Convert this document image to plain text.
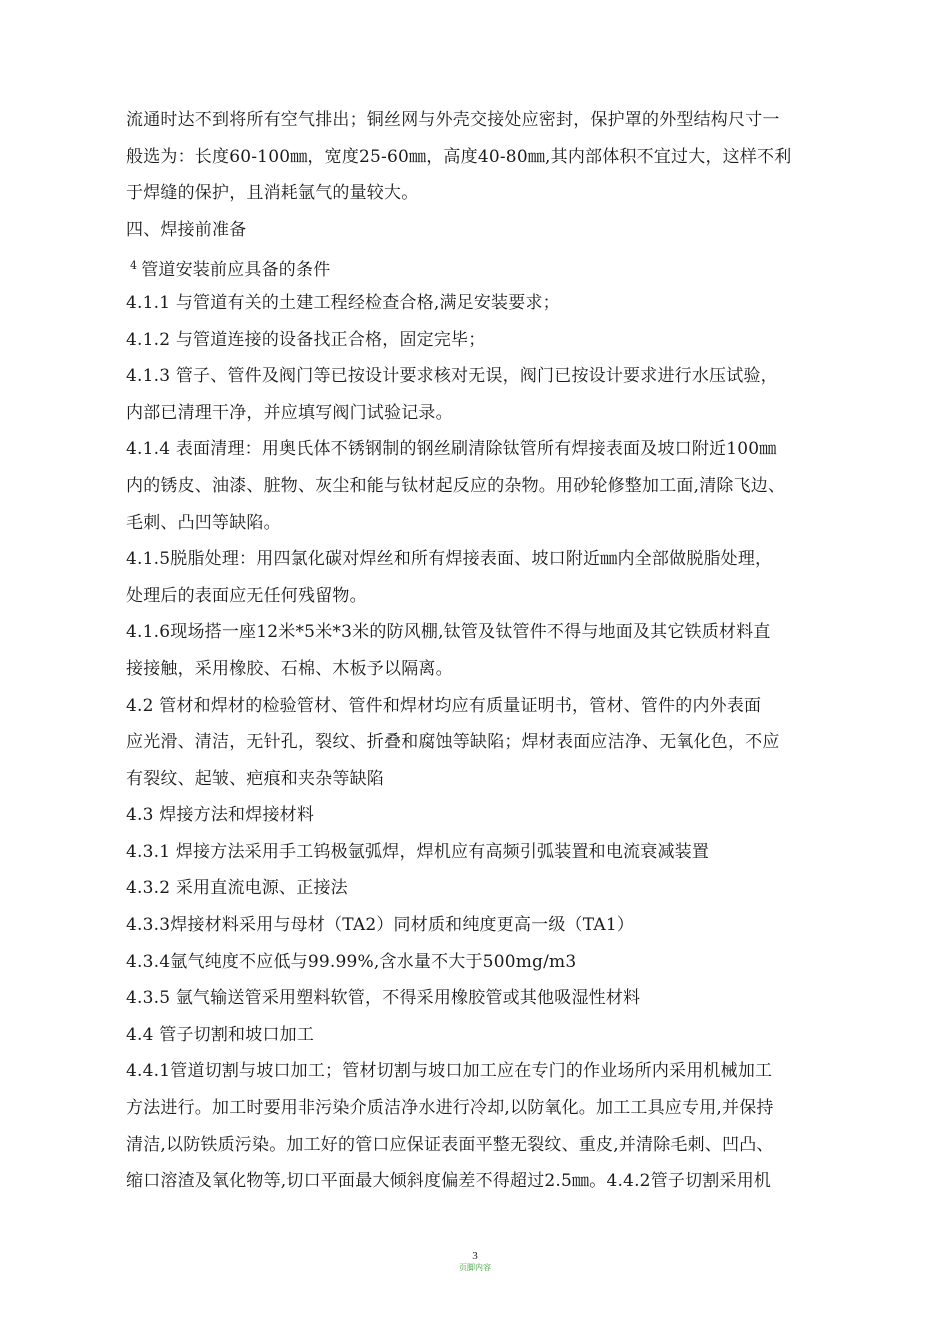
流通时达不到将所有空气排出；铜丝网与外壳交接处应密封，保护罩的外型结构尺寸一
般选为：长度60-100㎜，宽度25-60㎜，高度40-80㎜,其内部体积不宜过大，这样不利
于焊缝的保护，且消耗氩气的量较大。
四、焊接前准备
$^4$ 管道安装前应具备的条件
4.1.1 与管道有关的土建工程经检查合格,满足安装要求；
4.1.2 与管道连接的设备找正合格，固定完毕；
4.1.3 管子、管件及阀门等已按设计要求核对无误，阀门已按设计要求进行水压试验，
内部已清理干净，并应填写阀门试验记录。
4.1.4 表面清理：用奥氏体不锈钢制的钢丝刷清除钛管所有焊接表面及坡口附近100㎜
内的锈皮、油漆、脏物、灰尘和能与钛材起反应的杂物。用砂轮修整加工面,清除飞边、
毛刺、凸凹等缺陷。
4.1.5脱脂处理：用四氯化碳对焊丝和所有焊接表面、坡口附近㎜内全部做脱脂处理，
处理后的表面应无任何残留物。
4.1.6现场搭一座12米*5米*3米的防风棚,钛管及钛管件不得与地面及其它铁质材料直
接接触，采用橡胶、石棉、木板予以隔离。
4.2 管材和焊材的检验管材、管件和焊材均应有质量证明书，管材、管件的内外表面
应光滑、清洁，无针孔，裂纹、折叠和腐蚀等缺陷；焊材表面应洁净、无氧化色，不应
有裂纹、起皱、疤痕和夹杂等缺陷
4.3 焊接方法和焊接材料
4.3.1 焊接方法采用手工钨极氩弧焊，焊机应有高频引弧装置和电流衰减装置
4.3.2 采用直流电源、正接法
4.3.3焊接材料采用与母材（TA2）同材质和纯度更高一级（TA1）
4.3.4氩气纯度不应低与99.99%,含水量不大于500mg/m3
4.3.5 氩气输送管采用塑料软管，不得采用橡胶管或其他吸湿性材料
4.4 管子切割和坡口加工
4.4.1管道切割与坡口加工；管材切割与坡口加工应在专门的作业场所内采用机械加工
方法进行。加工时要用非污染介质洁净水进行冷却,以防氧化。加工工具应专用,并保持
清洁,以防铁质污染。加工好的管口应保证表面平整无裂纹、重皮,并清除毛刺、凹凸、
缩口溶渣及氧化物等,切口平面最大倾斜度偏差不得超过2.5㎜。4.4.2管子切割采用机
3
页脚内容
